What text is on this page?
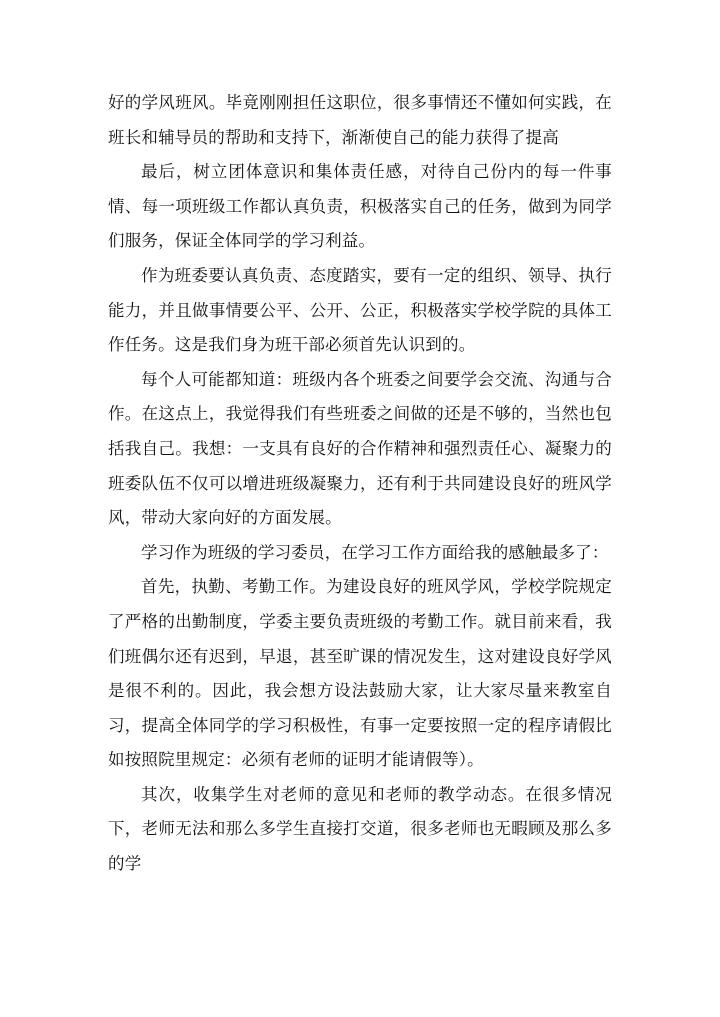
好的学风班风。毕竟刚刚担任这职位，很多事情还不懂如何实践，在班长和辅导员的帮助和支持下，渐渐使自己的能力获得了提高

最后，树立团体意识和集体责任感，对待自己份内的每一件事情、每一项班级工作都认真负责，积极落实自己的任务，做到为同学们服务，保证全体同学的学习利益。

作为班委要认真负责、态度踏实，要有一定的组织、领导、执行能力，并且做事情要公平、公开、公正，积极落实学校学院的具体工作任务。这是我们身为班干部必须首先认识到的。

每个人可能都知道：班级内各个班委之间要学会交流、沟通与合作。在这点上，我觉得我们有些班委之间做的还是不够的，当然也包括我自己。我想：一支具有良好的合作精神和强烈责任心、凝聚力的班委队伍不仅可以增进班级凝聚力，还有利于共同建设良好的班风学风，带动大家向好的方面发展。

学习作为班级的学习委员，在学习工作方面给我的感触最多了：

首先，执勤、考勤工作。为建设良好的班风学风，学校学院规定了严格的出勤制度，学委主要负责班级的考勤工作。就目前来看，我们班偶尔还有迟到，早退，甚至旷课的情况发生，这对建设良好学风是很不利的。因此，我会想方设法鼓励大家，让大家尽量来教室自习，提高全体同学的学习积极性，有事一定要按照一定的程序请假比如按照院里规定：必须有老师的证明才能请假等）。

其次，收集学生对老师的意见和老师的教学动态。在很多情况下，老师无法和那么多学生直接打交道，很多老师也无暇顾及那么多的学
